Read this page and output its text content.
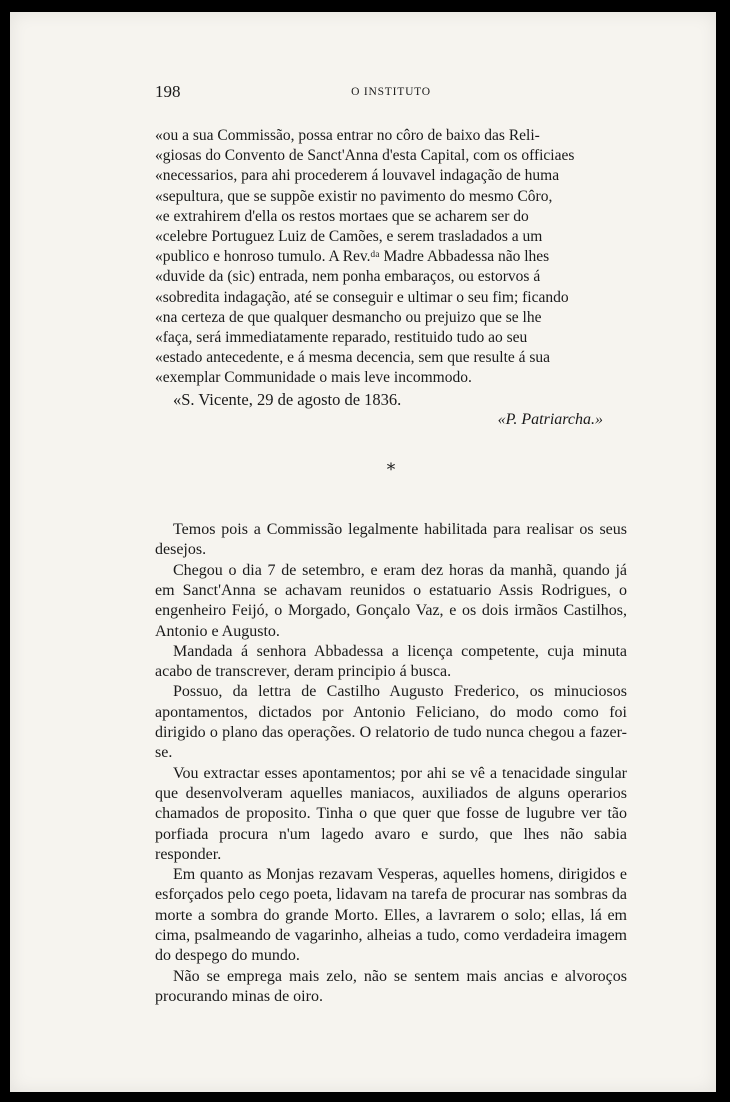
198	O INSTITUTO

«ou a sua Commissão, possa entrar no côro de baixo das Reli-

«giosas do Convento de Sanct'Anna d'esta Capital, com os officiaes

«necessarios, para ahi procederem á louvavel indagação de huma

«sepultura, que se suppõe existir no pavimento do mesmo Côro,

«e extrahirem d'ella os restos mortaes que se acharem ser do

«celebre Portuguez Luiz de Camões, e serem trasladados a um

«publico e honroso tumulo. A Rev.ᵈᵃ Madre Abbadessa não lhes

«duvide da (sic) entrada, nem ponha embaraços, ou estorvos á

«sobredita indagação, até se conseguir e ultimar o seu fim; ficando

«na certeza de que qualquer desmancho ou prejuizo que se lhe

«faça, será immediatamente reparado, restituido tudo ao seu

«estado antecedente, e á mesma decencia, sem que resulte á sua

«exemplar Communidade o mais leve incommodo.

«S. Vicente, 29 de agosto de 1836.

«P. Patriarcha.»
*

Temos pois a Commissão legalmente habilitada para realisar os seus desejos.

Chegou o dia 7 de setembro, e eram dez horas da manhã, quando já em Sanct'Anna se achavam reunidos o estatuario Assis Rodrigues, o engenheiro Feijó, o Morgado, Gonçalo Vaz, e os dois irmãos Castilhos, Antonio e Augusto.

Mandada á senhora Abbadessa a licença competente, cuja minuta acabo de transcrever, deram principio á busca.

Possuo, da lettra de Castilho Augusto Frederico, os minuciosos apontamentos, dictados por Antonio Feliciano, do modo como foi dirigido o plano das operações. O relatorio de tudo nunca chegou a fazer-se.

Vou extractar esses apontamentos; por ahi se vê a tenacidade singular que desenvolveram aquelles maniacos, auxiliados de alguns operarios chamados de proposito. Tinha o que quer que fosse de lugubre ver tão porfiada procura n'um lagedo avaro e surdo, que lhes não sabia responder.

Em quanto as Monjas rezavam Vesperas, aquelles homens, dirigidos e esforçados pelo cego poeta, lidavam na tarefa de procurar nas sombras da morte a sombra do grande Morto. Elles, a lavrarem o solo; ellas, lá em cima, psalmeando de vagarinho, alheias a tudo, como verdadeira imagem do despego do mundo.

Não se emprega mais zelo, não se sentem mais ancias e alvoroços procurando minas de oiro.
